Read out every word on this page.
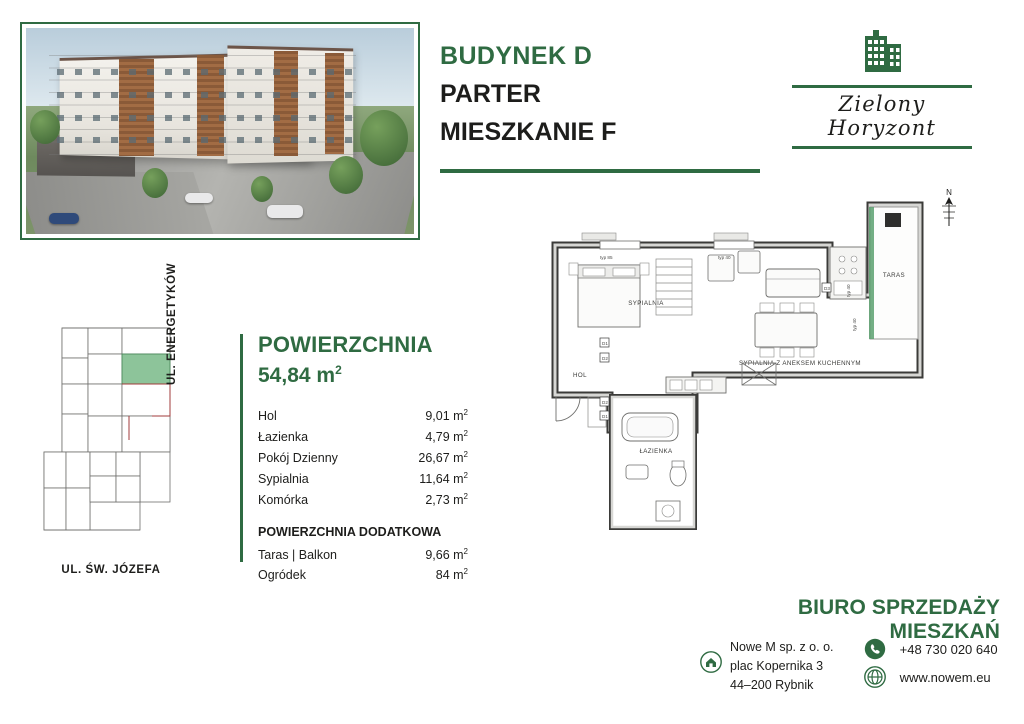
BUDYNEK D
PARTER
MIESZKANIE F
Zielony Horyzont
UL. ŚW. JÓZEFA
UL. ENERGETYKÓW	POWIERZCHNIA
54,84 $m^2$
Hol	9,01 $m^2$
Łazienka	4,79 $m^2$
Pokój Dzienny	26,67 $m^2$
Sypialnia	11,64 $m^2$
Komórka	2,73 $m^2$
POWIERZCHNIA DODATKOWA
Taras | Balkon	9,66 $m^2$
Ogródek	84 $m^2$
N
TARAS
SYPIALNIA
SYPIALNIA Z ANEKSEM KUCHENNYM
HOL
ŁAZIENKA
typ 85	typ 40
typ 40
typ 40
D1
D2
D2
D1
D3
BIURO SPRZEDAŻY MIESZKAŃ
Nowe M sp. z o. o.
plac Kopernika 3
44–200 Rybnik
+48 730 020 640
www.nowem.eu
